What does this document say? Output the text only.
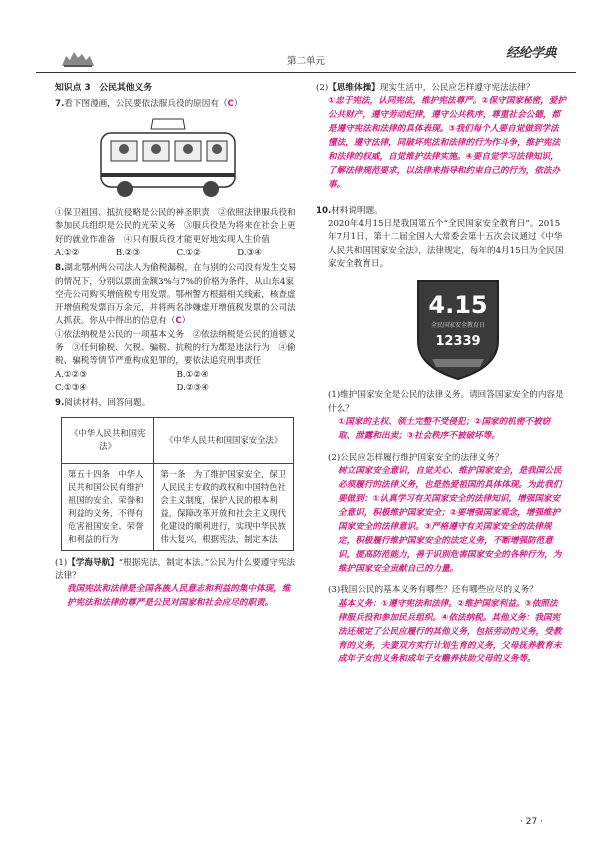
第二单元
经纶学典
知识点 3　公民其他义务
7.看下图漫画，公民要依法服兵役的原因有（C）
①保卫祖国、抵抗侵略是公民的神圣职责　②依照法律服兵役和参加民兵组织是公民的光荣义务　③服兵役是为将来在社会上更好的就业作准备　④只有服兵役才能更好地实现人生价值
A.①②	B.②③	C.①②	D.③④
8.湖北鄂州两公司法人为偷税漏税，在与别的公司没有发生交易的情况下，分别以票面金额3%与7%的价格为条件，从山东4家空壳公司购买增值税专用发票。鄂州警方根据相关线索，核查虚开增值税发票百万余元，并将两名涉嫌虚开增值税发票的公司法人抓获。你从中得出的信息有（C）
①依法纳税是公民的一项基本义务　②依法纳税是公民的道德义务　③任何偷税、欠税、骗税、抗税的行为都是违法行为　④偷税、骗税等情节严重构成犯罪的，要依法追究刑事责任
A.①②③	B.①②④
C.①③④	D.②③④
9.阅读材料，回答问题。
《中华人民共和国宪法》	《中华人民共和国国家安全法》
第五十四条　中华人民共和国公民有维护祖国的安全、荣誉和利益的义务，不得有危害祖国安全、荣誉和利益的行为	第一条　为了维护国家安全，保卫人民民主专政的政权和中国特色社会主义制度，保护人民的根本利益，保障改革开放和社会主义现代化建设的顺利进行，实现中华民族伟大复兴，根据宪法，制定本法
(1)【学海导航】“根据宪法，制定本法。”公民为什么要遵守宪法法律？
我国宪法和法律是全国各族人民意志和利益的集中体现，维护宪法和法律的尊严是公民对国家和社会应尽的职责。
(2)【思维体操】现实生活中，公民应怎样遵守宪法法律？
①忠于宪法，认同宪法，维护宪法尊严。②保守国家秘密，爱护公共财产，遵守劳动纪律，遵守公共秩序，尊重社会公德，都是遵守宪法和法律的具体表现。③我们每个人要自觉做到学法懂法，遵守法律，同破坏宪法和法律的行为作斗争，维护宪法和法律的权威，自觉维护法律实施。④要自觉学习法律知识，了解法律规范要求，以法律来指导和约束自己的行为，依法办事。
10.材料说明题。
2020年4月15日是我国第五个“全民国家安全教育日”。2015年7月1日，第十二届全国人大常委会第十五次会议通过《中华人民共和国国家安全法》，法律规定，每年的4月15日为全民国家安全教育日。
4.15
全民国家安全教育日
12339
(1)维护国家安全是公民的法律义务。请回答国家安全的内容是什么？
①国家的主权、领土完整不受侵犯；②国家的机密不被窃取、泄露和出卖；③社会秩序不被破坏等。
(2)公民应怎样履行维护国家安全的法律义务？
树立国家安全意识，自觉关心、维护国家安全，是我国公民必须履行的法律义务，也是热爱祖国的具体体现。为此我们要做到：①认真学习有关国家安全的法律知识，增强国家安全意识，积极维护国家安全；②要增强国家观念，增强维护国家安全的法律意识。③严格遵守有关国家安全的法律规定，积极履行维护国家安全的法定义务，不断增强防范意识，提高防范能力，善于识别危害国家安全的各种行为，为维护国家安全贡献自己的力量。
(3)我国公民的基本义务有哪些？还有哪些应尽的义务？
基本义务：①遵守宪法和法律。②维护国家利益。③依照法律服兵役和参加民兵组织。④依法纳税。其他义务：我国宪法还规定了公民应履行的其他义务，包括劳动的义务，受教育的义务，夫妻双方实行计划生育的义务，父母抚养教育未成年子女的义务和成年子女赡养扶助父母的义务等。
· 27 ·
